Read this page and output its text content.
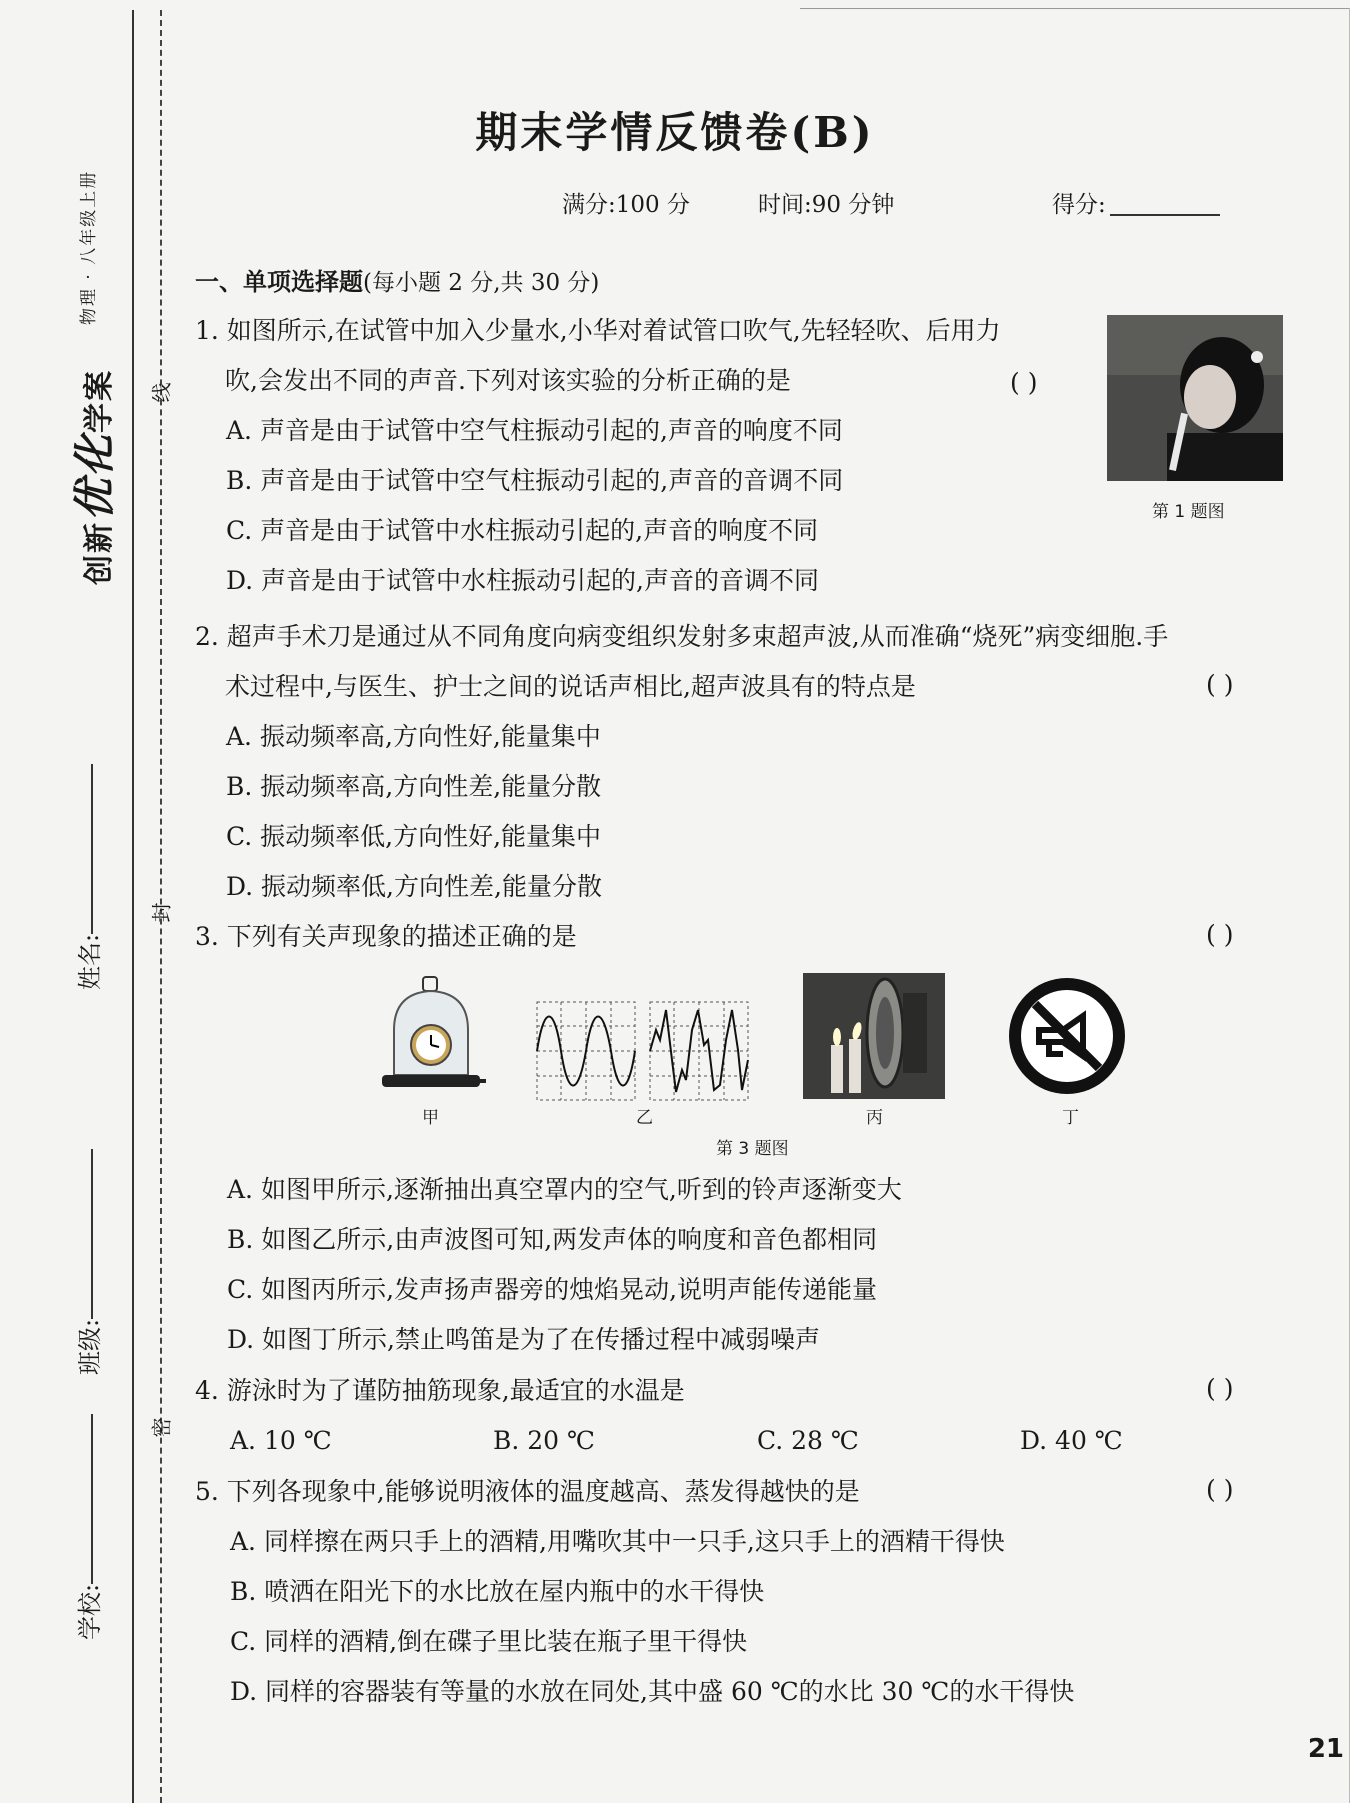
创新优化学案
物理 · 八年级上册
姓名:
班级:
学校:
线
封
密
期末学情反馈卷(B)
满分:100 分	时间:90 分钟	得分:
一、单项选择题(每小题 2 分,共 30 分)
1. 如图所示,在试管中加入少量水,小华对着试管口吹气,先轻轻吹、后用力
吹,会发出不同的声音.下列对该实验的分析正确的是	( )
A. 声音是由于试管中空气柱振动引起的,声音的响度不同
B. 声音是由于试管中空气柱振动引起的,声音的音调不同
C. 声音是由于试管中水柱振动引起的,声音的响度不同
D. 声音是由于试管中水柱振动引起的,声音的音调不同
第 1 题图
2. 超声手术刀是通过从不同角度向病变组织发射多束超声波,从而准确“烧死”病变细胞.手
术过程中,与医生、护士之间的说话声相比,超声波具有的特点是	( )
A. 振动频率高,方向性好,能量集中
B. 振动频率高,方向性差,能量分散
C. 振动频率低,方向性好,能量集中
D. 振动频率低,方向性差,能量分散
3. 下列有关声现象的描述正确的是	( )
甲	乙	丙	丁
第 3 题图
A. 如图甲所示,逐渐抽出真空罩内的空气,听到的铃声逐渐变大
B. 如图乙所示,由声波图可知,两发声体的响度和音色都相同
C. 如图丙所示,发声扬声器旁的烛焰晃动,说明声能传递能量
D. 如图丁所示,禁止鸣笛是为了在传播过程中减弱噪声
4. 游泳时为了谨防抽筋现象,最适宜的水温是	( )
A. 10 ℃	B. 20 ℃	C. 28 ℃	D. 40 ℃
5. 下列各现象中,能够说明液体的温度越高、蒸发得越快的是	( )
A. 同样擦在两只手上的酒精,用嘴吹其中一只手,这只手上的酒精干得快
B. 喷洒在阳光下的水比放在屋内瓶中的水干得快
C. 同样的酒精,倒在碟子里比装在瓶子里干得快
D. 同样的容器装有等量的水放在同处,其中盛 60 ℃的水比 30 ℃的水干得快
21
